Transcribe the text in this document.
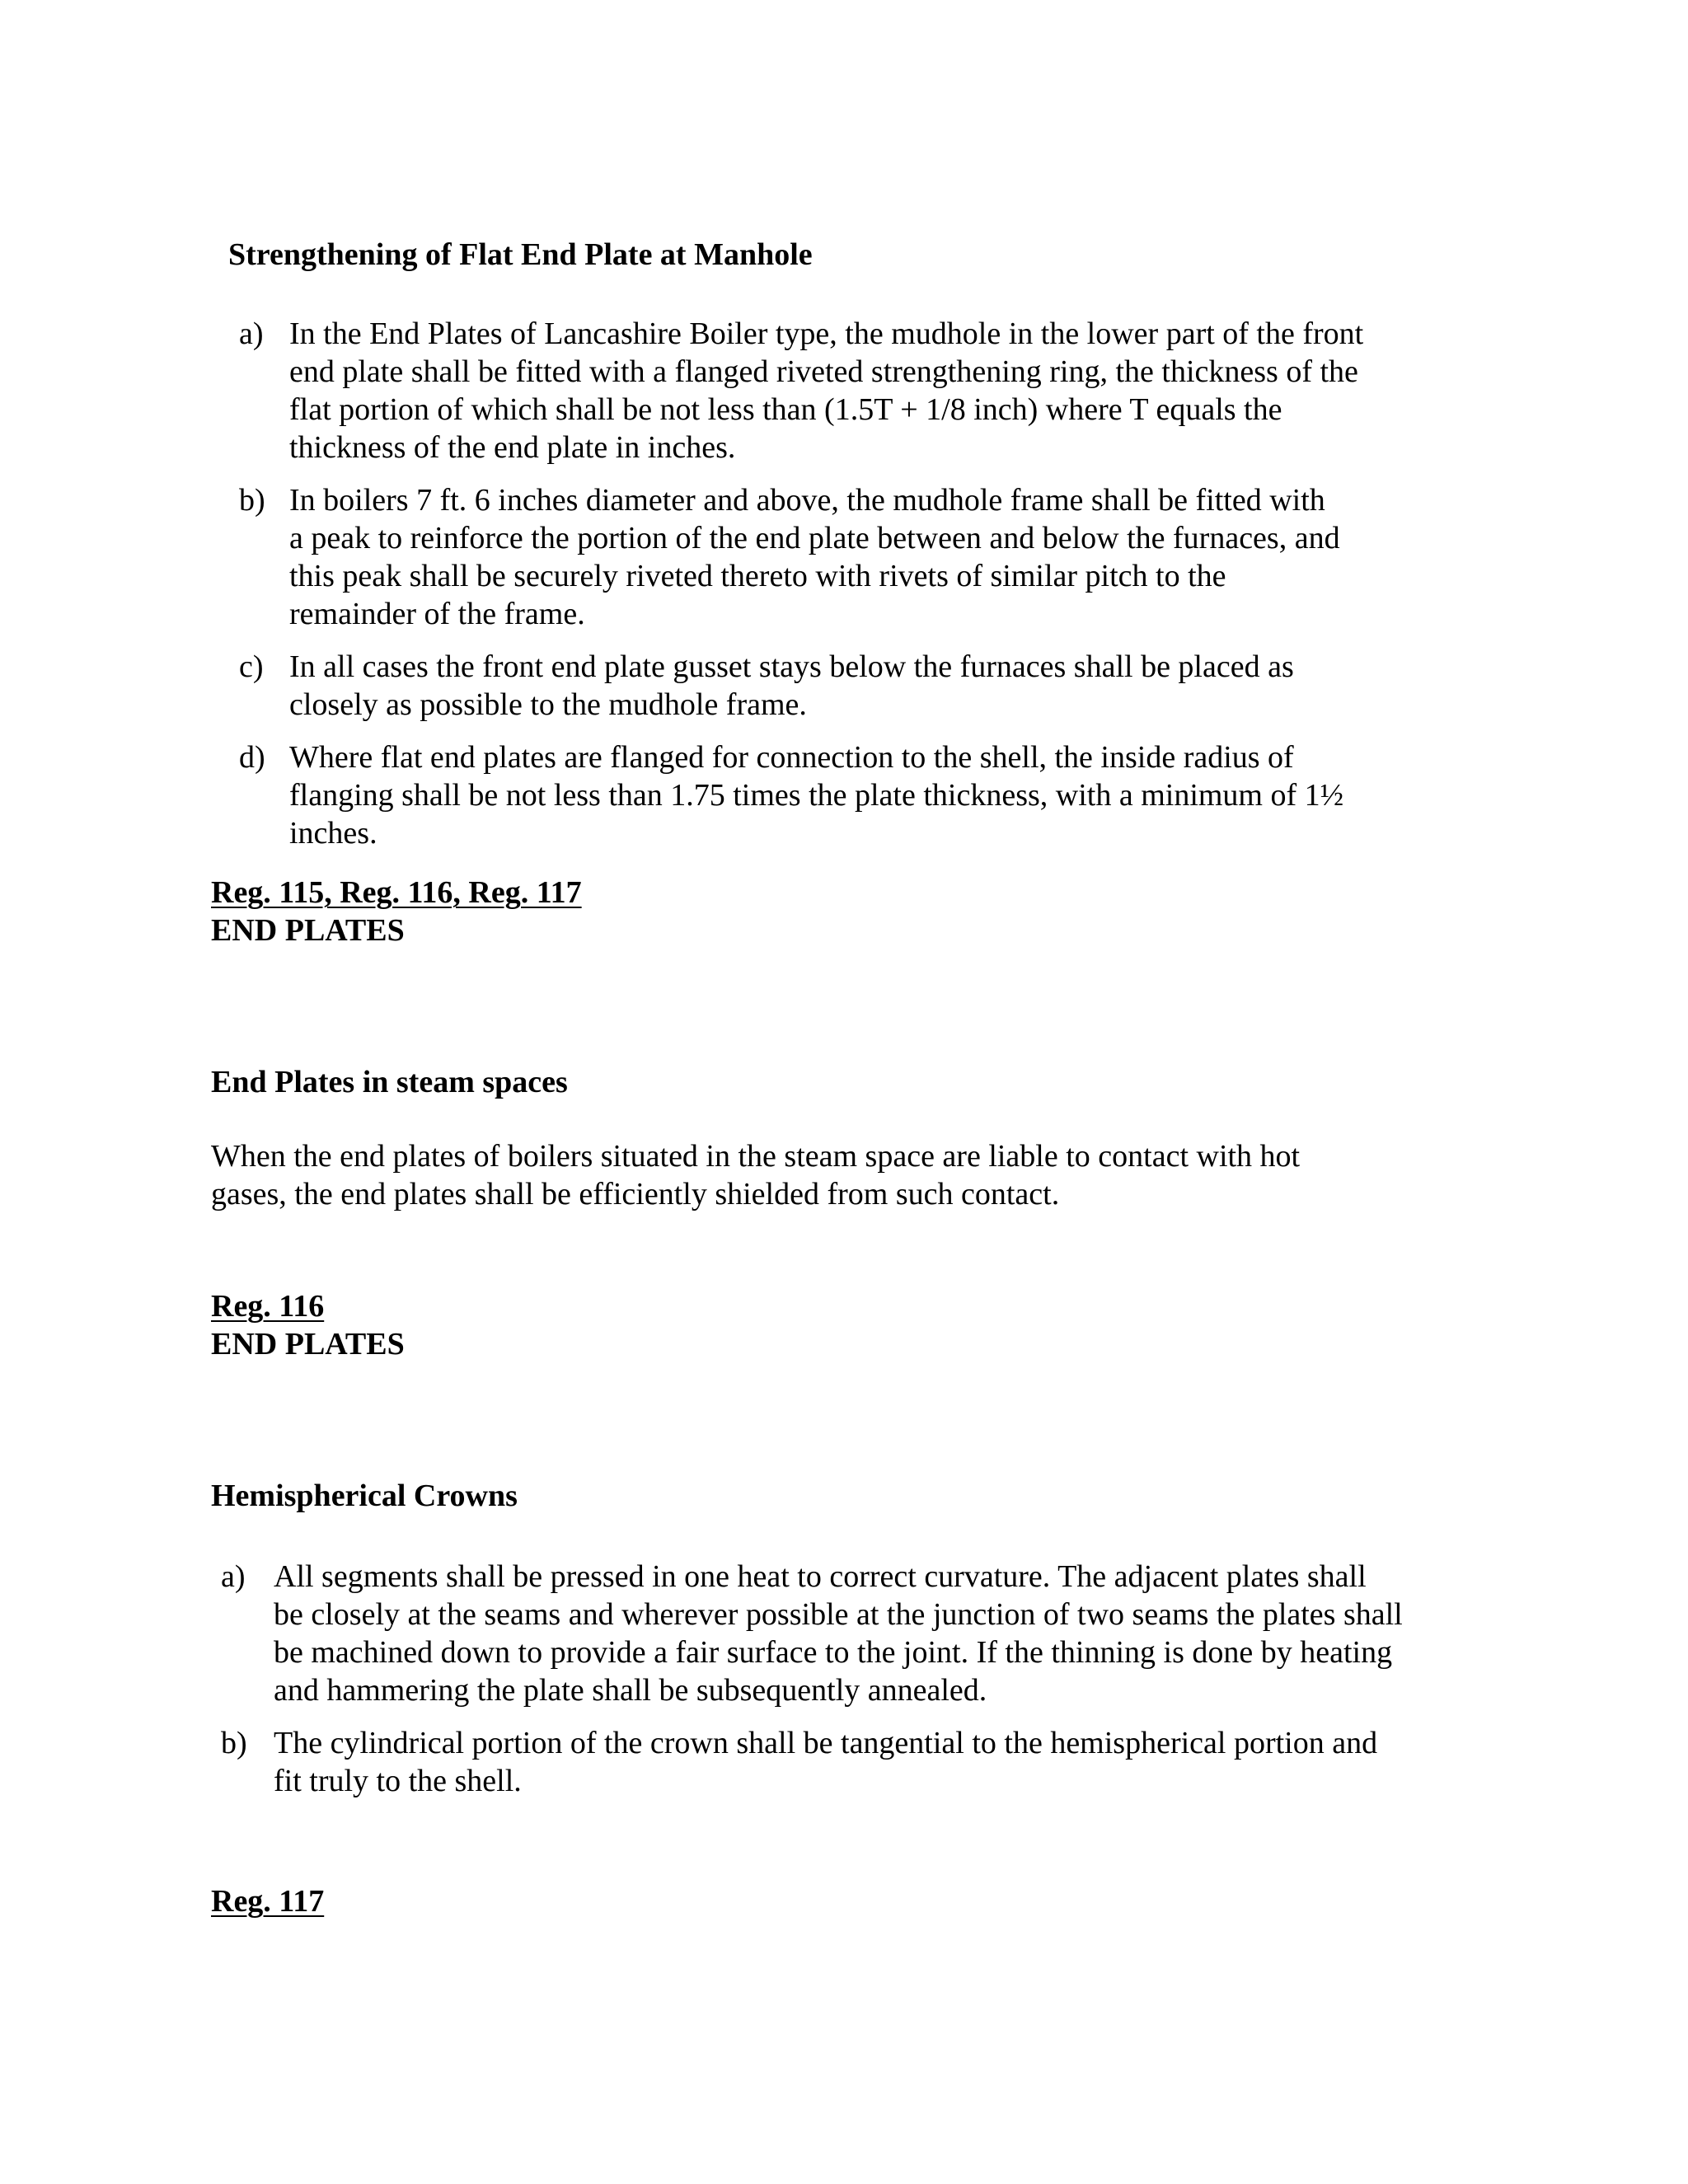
Strengthening of Flat End Plate at Manhole
a) In the End Plates of Lancashire Boiler type, the mudhole in the lower part of the front end plate shall be fitted with a flanged riveted strengthening ring, the thickness of the flat portion of which shall be not less than (1.5T + 1/8 inch) where T equals the thickness of the end plate in inches.
b) In boilers 7 ft. 6 inches diameter and above, the mudhole frame shall be fitted with a peak to reinforce the portion of the end plate between and below the furnaces, and this peak shall be securely riveted thereto with rivets of similar pitch to the remainder of the frame.
c) In all cases the front end plate gusset stays below the furnaces shall be placed as closely as possible to the mudhole frame.
d) Where flat end plates are flanged for connection to the shell, the inside radius of flanging shall be not less than 1.75 times the plate thickness, with a minimum of 1½ inches.
Reg. 115, Reg. 116, Reg. 117
END PLATES
End Plates in steam spaces

When the end plates of boilers situated in the steam space are liable to contact with hot gases, the end plates shall be efficiently shielded from such contact.

Reg. 116
END PLATES
Hemispherical Crowns
a) All segments shall be pressed in one heat to correct curvature. The adjacent plates shall be closely at the seams and wherever possible at the junction of two seams the plates shall be machined down to provide a fair surface to the joint. If the thinning is done by heating and hammering the plate shall be subsequently annealed.
b) The cylindrical portion of the crown shall be tangential to the hemispherical portion and fit truly to the shell.
Reg. 117
